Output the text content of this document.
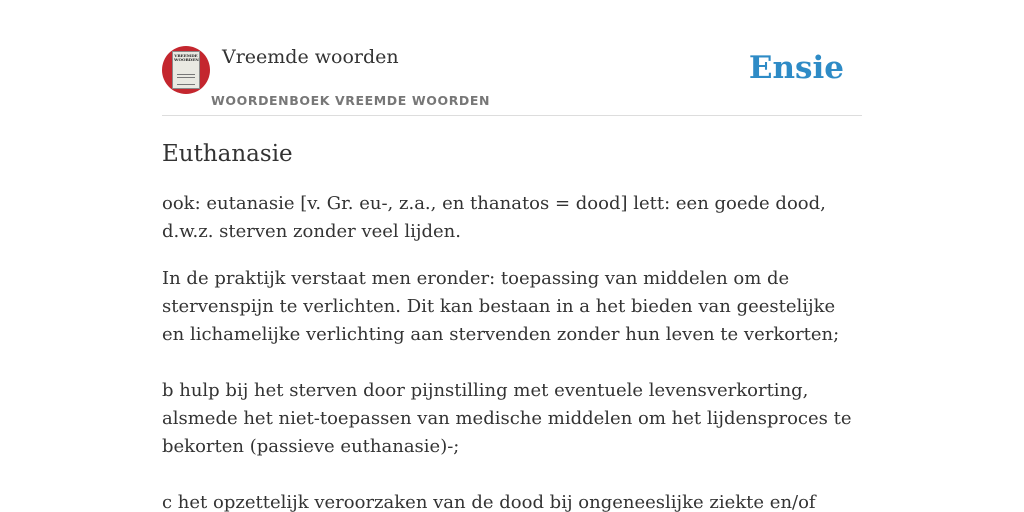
VREEMDE WOORDEN Vreemde woorden
WOORDENBOEK VREEMDE WOORDEN
Ensie
Euthanasie

ook: eutanasie [v. Gr. eu-, z.a., en thanatos = dood] lett: een goede dood, d.w.z. sterven zonder veel lijden.

In de praktijk verstaat men eronder: toepassing van middelen om de stervenspijn te verlichten. Dit kan bestaan in a het bieden van geestelijke en lichamelijke verlichting aan stervenden zonder hun leven te verkorten;

b hulp bij het sterven door pijnstilling met eventuele levensverkorting, alsmede het niet-toepassen van medische middelen om het lijdensproces te bekorten (passieve euthanasie)-;

c het opzettelijk veroorzaken van de dood bij ongeneeslijke ziekte en/of
